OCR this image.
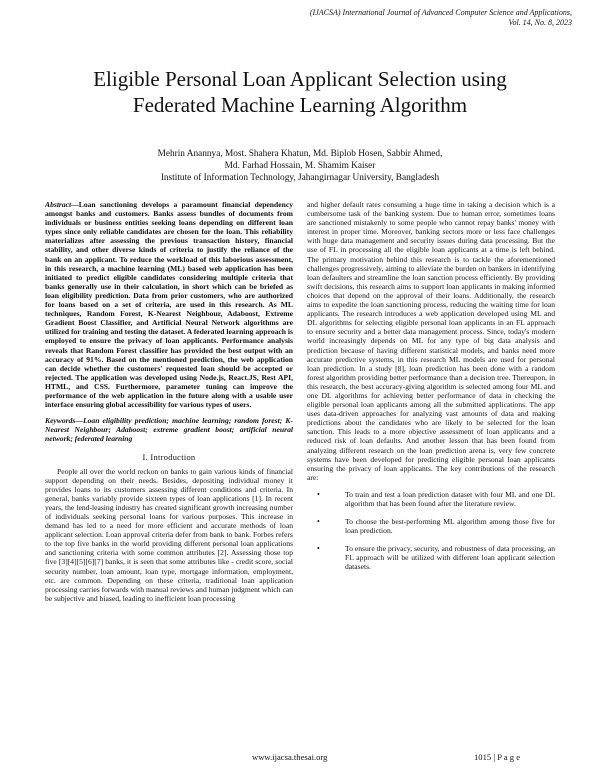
(IJACSA) International Journal of Advanced Computer Science and Applications,
Vol. 14, No. 8, 2023
Eligible Personal Loan Applicant Selection using
Federated Machine Learning Algorithm
Mehrin Anannya, Most. Shahera Khatun, Md. Biplob Hosen, Sabbir Ahmed,
Md. Farhad Hossain, M. Shamim Kaiser
Institute of Information Technology, Jahangirnagar University, Bangladesh

Abstract—Loan sanctioning develops a paramount financial dependency amongst banks and customers. Banks assess bundles of documents from individuals or business entities seeking loans depending on different loan types since only reliable candidates are chosen for the loan. This reliability materializes after assessing the previous transaction history, financial stability, and other diverse kinds of criteria to justify the reliance of the bank on an applicant. To reduce the workload of this laborious assessment, in this research, a machine learning (ML) based web application has been initiated to predict eligible candidates considering multiple criteria that banks generally use in their calculation, in short which can be briefed as loan eligibility prediction. Data from prior customers, who are authorized for loans based on a set of criteria, are used in this research. As ML techniques, Random Forest, K-Nearest Neighbour, Adaboost, Extreme Gradient Boost Classifier, and Artificial Neural Network algorithms are utilized for training and testing the dataset. A federated learning approach is employed to ensure the privacy of loan applicants. Performance analysis reveals that Random Forest classifier has provided the best output with an accuracy of 91%. Based on the mentioned prediction, the web application can decide whether the customers' requested loan should be accepted or rejected. The application was developed using Node.js, React.JS, Rest API, HTML, and CSS. Furthermore, parameter tuning can improve the performance of the web application in the future along with a usable user interface ensuring global accessibility for various types of users.

Keywords—Loan eligibility prediction; machine learning; random forest; K-Nearest Neighbour; Adaboost; extreme gradient boost; artificial neural network; federated learning

I. Introduction

People all over the world reckon on banks to gain various kinds of financial support depending on their needs. Besides, depositing individual money it provides loans to its customers assessing different conditions and criteria. In general, banks variably provide sixteen types of loan applications [1]. In recent years, the lend-leasing industry has created significant growth increasing number of individuals seeking personal loans for various purposes. This increase in demand has led to a need for more efficient and accurate methods of loan applicant selection. Loan approval criteria defer from bank to bank. Forbes refers to the top five banks in the world providing different personal loan applications and sanctioning criteria with some common attributes [2]. Assessing those top five [3][4][5][6][7] banks, it is seen that some attributes like - credit score, social security number, loan amount, loan type, mortgage information, employment, etc. are common. Depending on these criteria, traditional loan application processing carries forwards with manual reviews and human judgment which can be subjective and biased, leading to inefficient loan processing

and higher default rates consuming a huge time in taking a decision which is a cumbersome task of the banking system. Due to human error, sometimes loans are sanctioned mistakenly to some people who cannot repay banks' money with interest in proper time. Moreover, banking sectors more or less face challenges with huge data management and security issues during data processing. But the use of FL in processing all the eligible loan applicants at a time is left behind. The primary motivation behind this research is to tackle the aforementioned challenges progressively, aiming to alleviate the burden on bankers in identifying loan defaulters and streamline the loan sanction process efficiently. By providing swift decisions, this research aims to support loan applicants in making informed choices that depend on the approval of their loans. Additionally, the research aims to expedite the loan sanctioning process, reducing the waiting time for loan applicants. The research introduces a web application developed using ML and DL algorithms for selecting eligible personal loan applicants in an FL approach to ensure security and a better data management process. Since, today's modern world increasingly depends on ML for any type of big data analysis and prediction because of having different statistical models, and banks need more accurate predictive systems, in this research ML models are used for personal loan prediction. In a study [8], loan prediction has been done with a random forest algorithm providing better performance than a decision tree. Thereupon, in this research, the best accuracy-giving algorithm is selected among four ML and one DL algorithms for achieving better performance of data in checking the eligible personal loan applicants among all the submitted applications. The app uses data-driven approaches for analyzing vast amounts of data and making predictions about the candidates who are likely to be selected for the loan sanction. This leads to a more objective assessment of loan applicants and a reduced risk of loan defaults. And another lesson that has been found from analyzing different research on the loan prediction arena is, very few concrete systems have been developed for predicting eligible personal loan applicants ensuring the privacy of loan applicants. The key contributions of the research are:

•	To train and test a loan prediction dataset with four ML and one DL algorithm that has been found after the literature review.
•	To choose the best-performing ML algorithm among those five for loan prediction.
•	To ensure the privacy, security, and robustness of data processing, an FL approach will be utilized with different loan applicant selection datasets.
www.ijacsa.thesai.org	1015 | P a g e
